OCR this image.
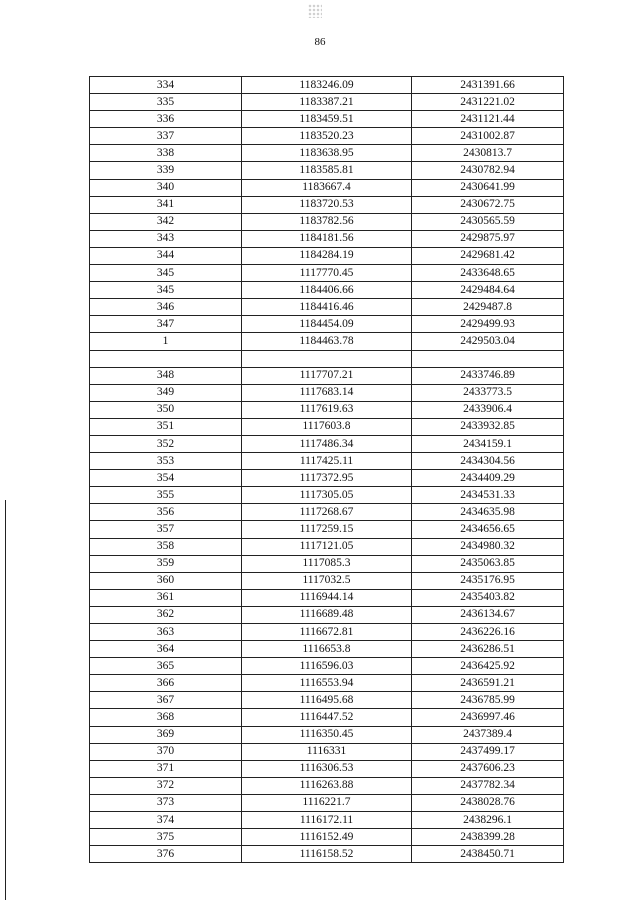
86
334	1183246.09	2431391.66
335	1183387.21	2431221.02
336	1183459.51	2431121.44
337	1183520.23	2431002.87
338	1183638.95	2430813.7
339	1183585.81	2430782.94
340	1183667.4	2430641.99
341	1183720.53	2430672.75
342	1183782.56	2430565.59
343	1184181.56	2429875.97
344	1184284.19	2429681.42
345	1117770.45	2433648.65
345	1184406.66	2429484.64
346	1184416.46	2429487.8
347	1184454.09	2429499.93
1	1184463.78	2429503.04

348	1117707.21	2433746.89
349	1117683.14	2433773.5
350	1117619.63	2433906.4
351	1117603.8	2433932.85
352	1117486.34	2434159.1
353	1117425.11	2434304.56
354	1117372.95	2434409.29
355	1117305.05	2434531.33
356	1117268.67	2434635.98
357	1117259.15	2434656.65
358	1117121.05	2434980.32
359	1117085.3	2435063.85
360	1117032.5	2435176.95
361	1116944.14	2435403.82
362	1116689.48	2436134.67
363	1116672.81	2436226.16
364	1116653.8	2436286.51
365	1116596.03	2436425.92
366	1116553.94	2436591.21
367	1116495.68	2436785.99
368	1116447.52	2436997.46
369	1116350.45	2437389.4
370	1116331	2437499.17
371	1116306.53	2437606.23
372	1116263.88	2437782.34
373	1116221.7	2438028.76
374	1116172.11	2438296.1
375	1116152.49	2438399.28
376	1116158.52	2438450.71
